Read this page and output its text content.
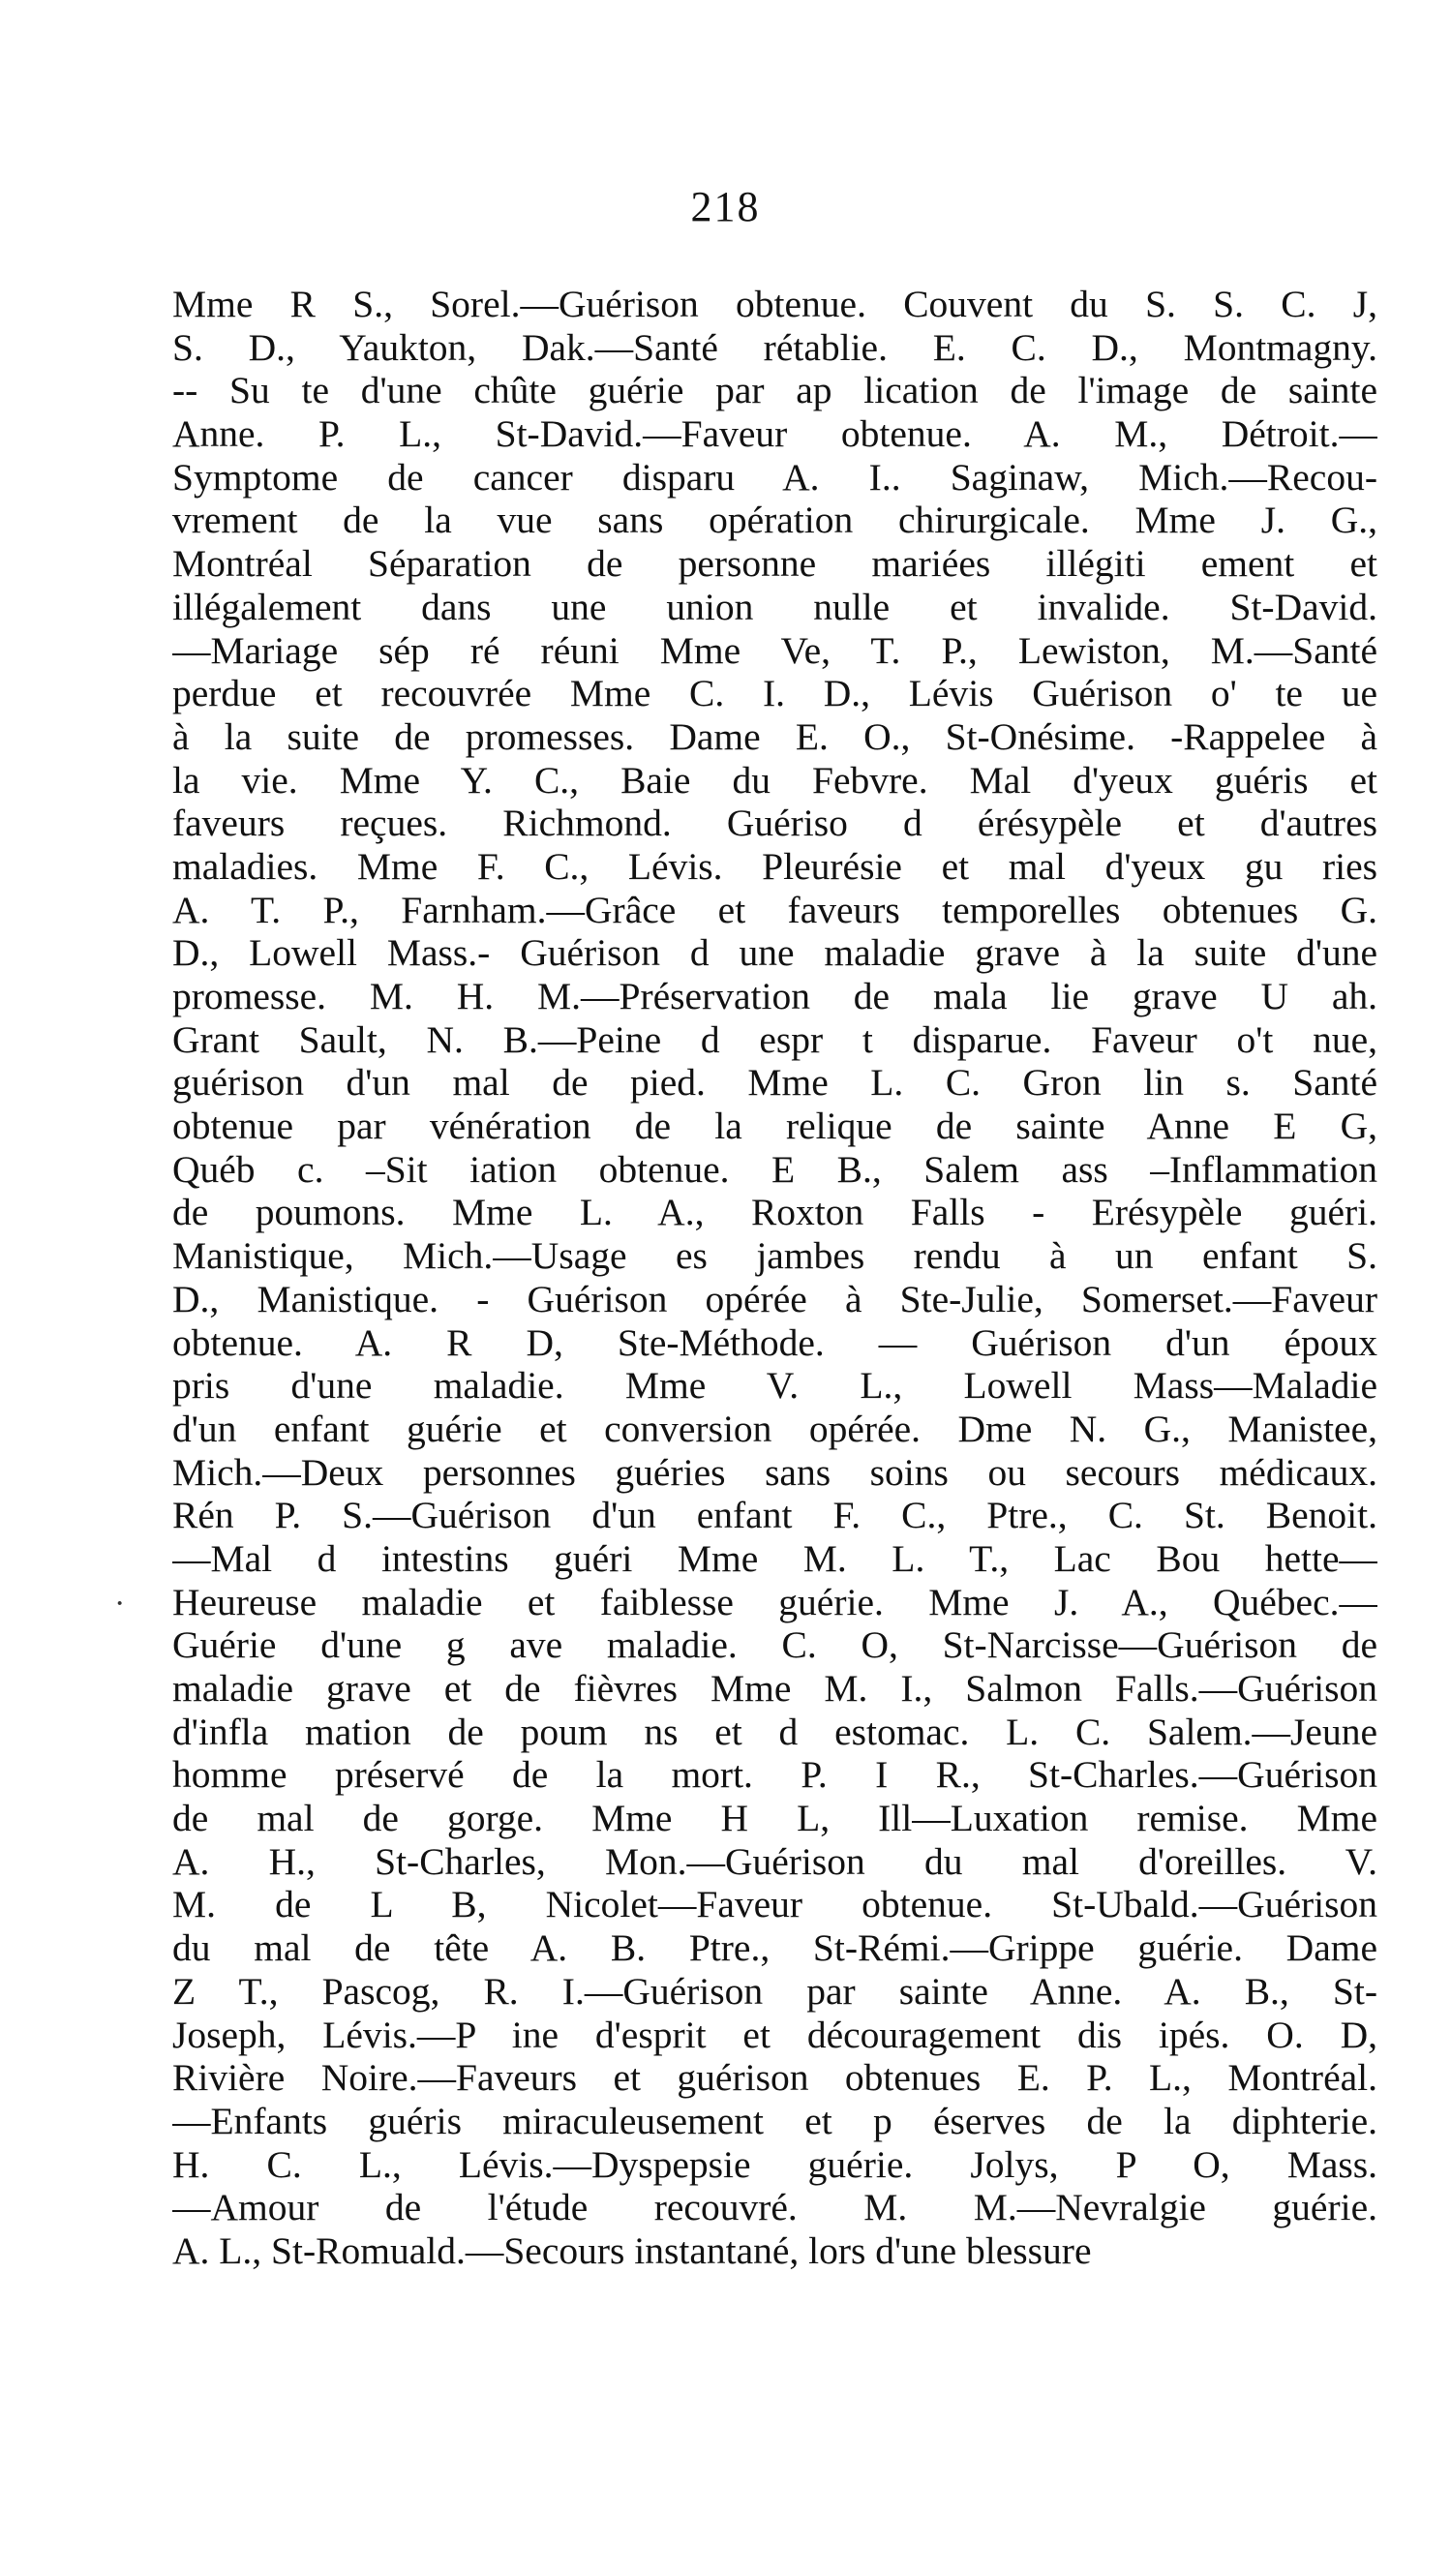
218
·
Mme R S., Sorel.—Guérison obtenue. Couvent du S. S. C. J,
S. D., Yaukton, Dak.—Santé rétablie. E. C. D., Montmagny.
-- Su te d'une chûte guérie par ap lication de l'image de sainte
Anne. P. L., St-David.—Faveur obtenue. A. M., Détroit.—
Symptome de cancer disparu A. I.. Saginaw, Mich.—Recou-
vrement de la vue sans opération chirurgicale. Mme J. G.,
Montréal Séparation de personne mariées illégiti ement et
illégalement dans une union nulle et invalide. St-David.
—Mariage sép ré réuni Mme Ve, T. P., Lewiston, M.—Santé
perdue et recouvrée Mme C. I. D., Lévis Guérison o' te ue
à la suite de promesses. Dame E. O., St-Onésime. -Rappelee à
la vie. Mme Y. C., Baie du Febvre. Mal d'yeux guéris et
faveurs reçues. Richmond. Guériso d érésypèle et d'autres
maladies. Mme F. C., Lévis. Pleurésie et mal d'yeux gu ries
A. T. P., Farnham.—Grâce et faveurs temporelles obtenues G.
D., Lowell Mass.- Guérison d une maladie grave à la suite d'une
promesse. M. H. M.—Préservation de mala lie grave U ah.
Grant Sault, N. B.—Peine d espr t disparue. Faveur o't nue,
guérison d'un mal de pied. Mme L. C. Gron lin s. Santé
obtenue par vénération de la relique de sainte Anne E G,
Québ c. –Sit iation obtenue. E B., Salem ass –Inflammation
de poumons. Mme L. A., Roxton Falls - Erésypèle guéri.
Manistique, Mich.—Usage es jambes rendu à un enfant S.
D., Manistique. - Guérison opérée à Ste-Julie, Somerset.—Faveur
obtenue. A. R D, Ste-Méthode. — Guérison d'un époux
pris d'une maladie. Mme V. L., Lowell Mass—Maladie
d'un enfant guérie et conversion opérée. Dme N. G., Manistee,
Mich.—Deux personnes guéries sans soins ou secours médicaux.
Rén P. S.—Guérison d'un enfant F. C., Ptre., C. St. Benoit.
—Mal d intestins guéri Mme M. L. T., Lac Bou hette—
Heureuse maladie et faiblesse guérie. Mme J. A., Québec.—
Guérie d'une g ave maladie. C. O, St-Narcisse—Guérison de
maladie grave et de fièvres Mme M. I., Salmon Falls.—Guérison
d'infla mation de poum ns et d estomac. L. C. Salem.—Jeune
homme préservé de la mort. P. I R., St-Charles.—Guérison
de mal de gorge. Mme H L, Ill—Luxation remise. Mme
A. H., St-Charles, Mon.—Guérison du mal d'oreilles. V.
M. de L B, Nicolet—Faveur obtenue. St-Ubald.—Guérison
du mal de tête A. B. Ptre., St-Rémi.—Grippe guérie. Dame
Z T., Pascog, R. I.—Guérison par sainte Anne. A. B., St-
Joseph, Lévis.—P ine d'esprit et découragement dis ipés. O. D,
Rivière Noire.—Faveurs et guérison obtenues E. P. L., Montréal.
—Enfants guéris miraculeusement et p éserves de la diphterie.
H. C. L., Lévis.—Dyspepsie guérie. Jolys, P O, Mass.
—Amour de l'étude recouvré. M. M.—Nevralgie guérie.
A. L., St-Romuald.—Secours instantané, lors d'une blessure
